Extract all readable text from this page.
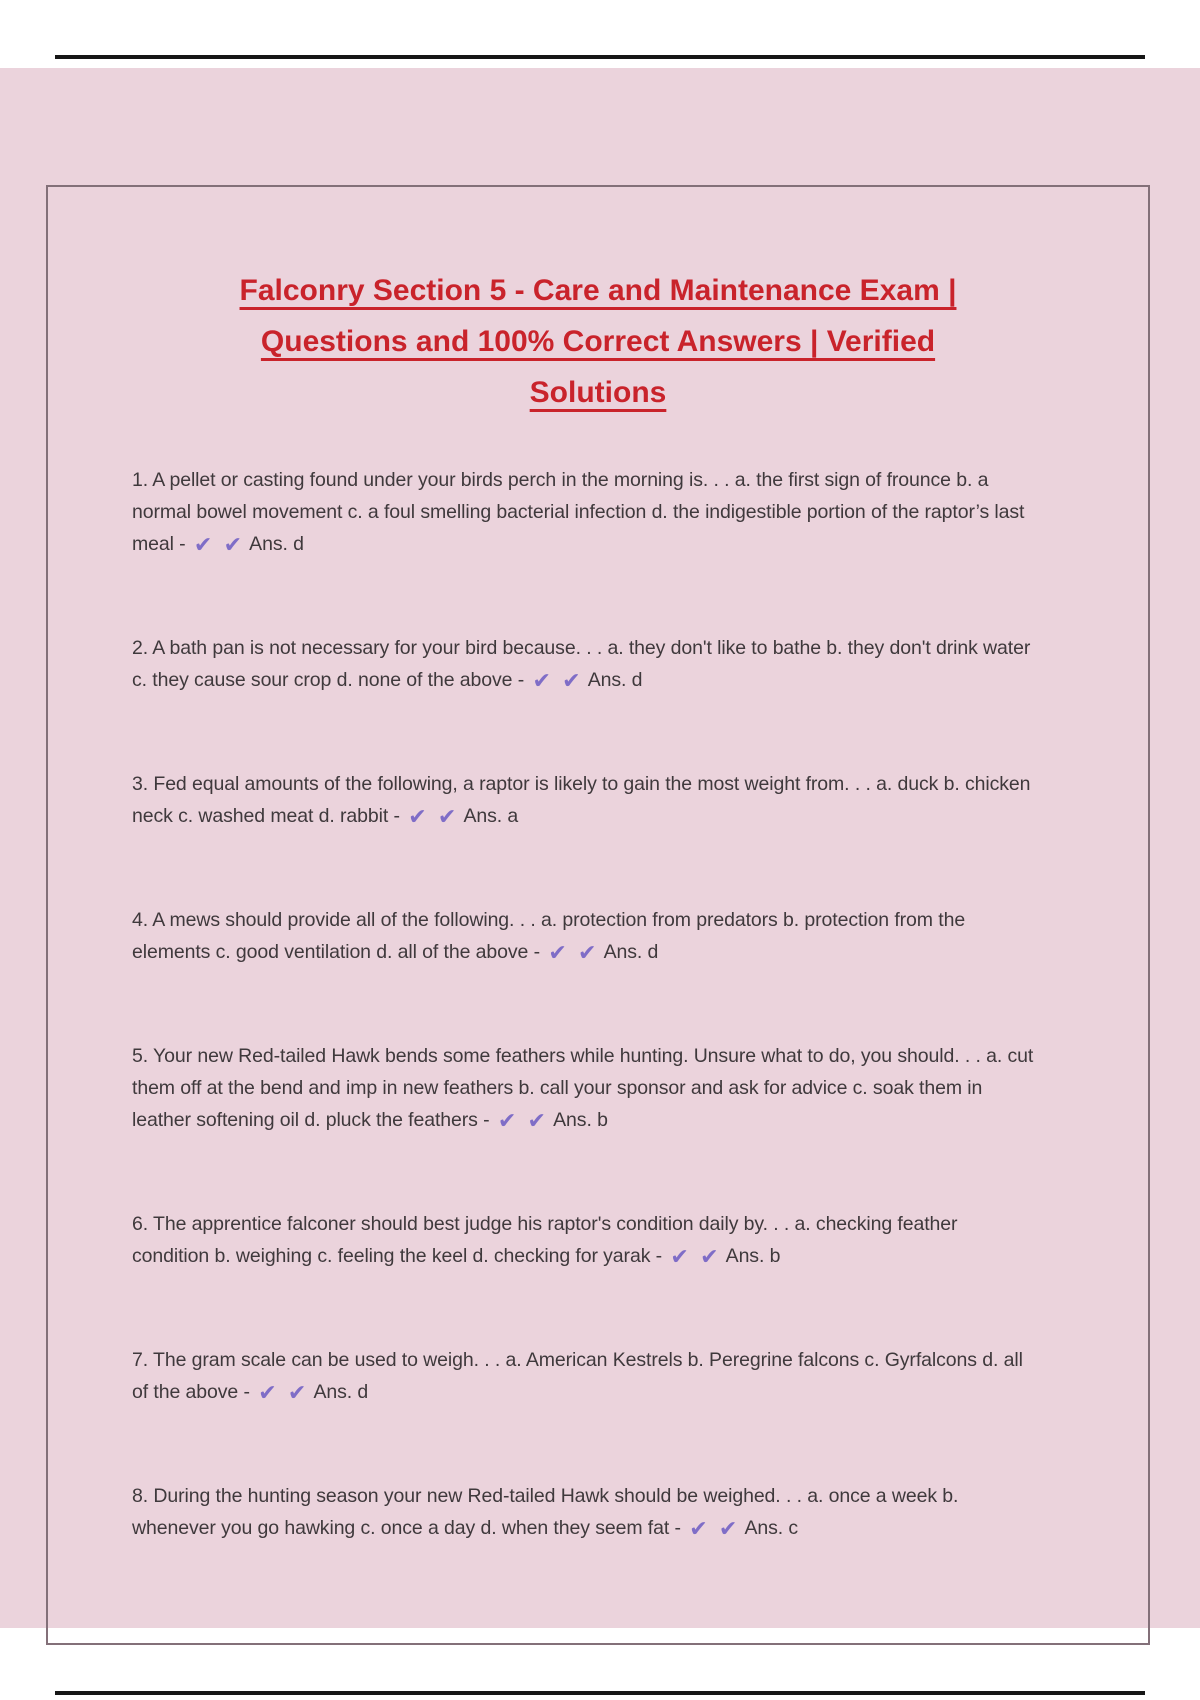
Falconry Section 5 - Care and Maintenance Exam |
Questions and 100% Correct Answers | Verified
Solutions

1. A pellet or casting found under your birds perch in the morning is. . . a. the first sign of frounce b. a normal bowel movement c. a foul smelling bacterial infection d. the indigestible portion of the raptor’s last meal - ✔ ✔ Ans. d

2. A bath pan is not necessary for your bird because. . . a. they don't like to bathe b. they don't drink water c. they cause sour crop d. none of the above - ✔ ✔ Ans. d

3. Fed equal amounts of the following, a raptor is likely to gain the most weight from. . . a. duck b. chicken neck c. washed meat d. rabbit - ✔ ✔ Ans. a

4. A mews should provide all of the following. . . a. protection from predators b. protection from the elements c. good ventilation d. all of the above - ✔ ✔ Ans. d

5. Your new Red-tailed Hawk bends some feathers while hunting. Unsure what to do, you should. . . a. cut them off at the bend and imp in new feathers b. call your sponsor and ask for advice c. soak them in leather softening oil d. pluck the feathers - ✔ ✔ Ans. b

6. The apprentice falconer should best judge his raptor's condition daily by. . . a. checking feather condition b. weighing c. feeling the keel d. checking for yarak - ✔ ✔ Ans. b

7. The gram scale can be used to weigh. . . a. American Kestrels b. Peregrine falcons c. Gyrfalcons d. all of the above - ✔ ✔ Ans. d

8. During the hunting season your new Red-tailed Hawk should be weighed. . . a. once a week b. whenever you go hawking c. once a day d. when they seem fat - ✔ ✔ Ans. c
